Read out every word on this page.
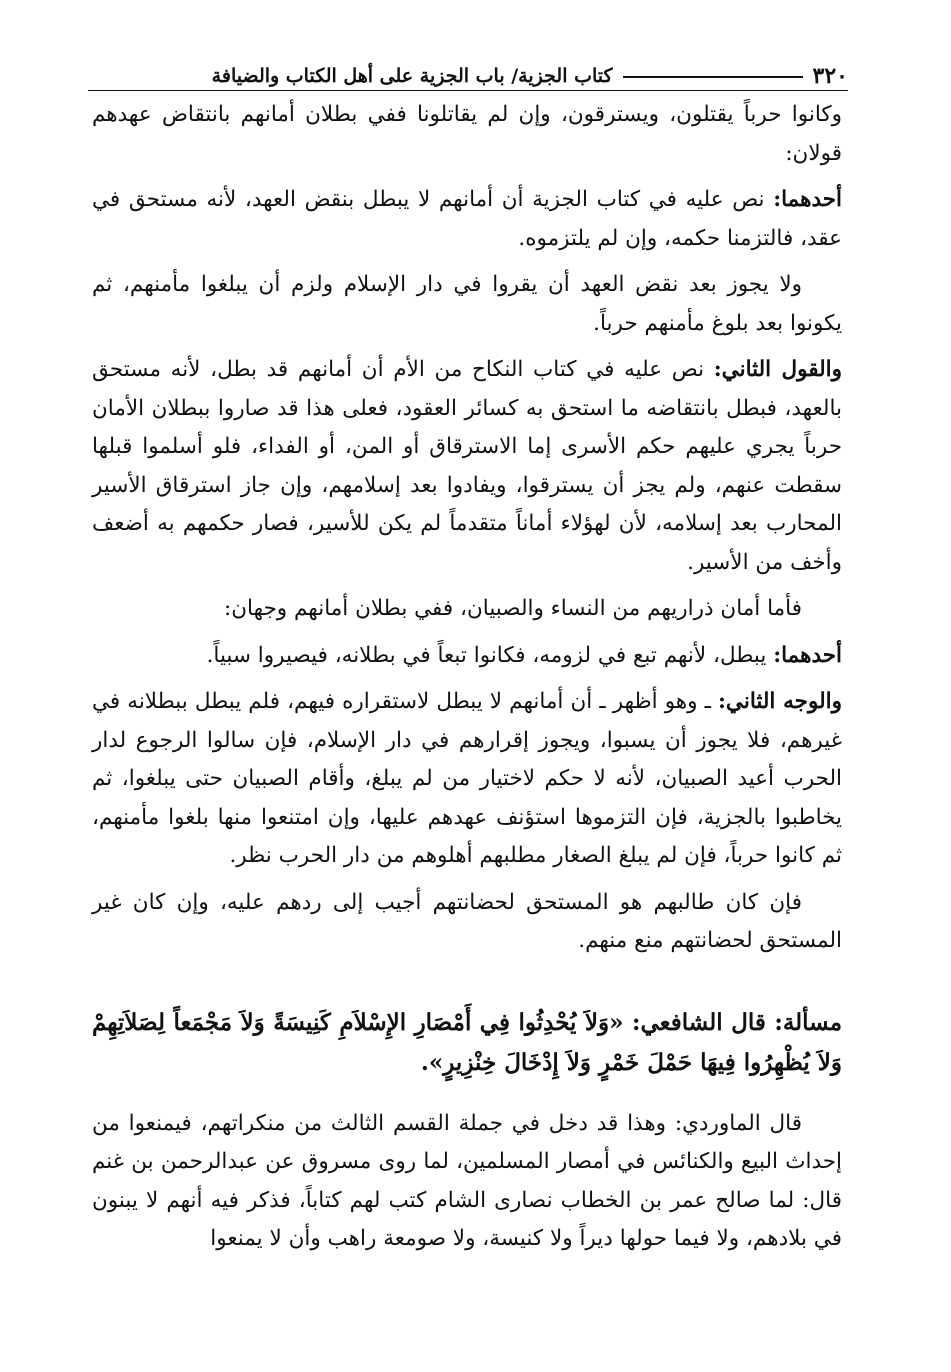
٣٢٠
كتاب الجزية/ باب الجزية على أهل الكتاب والضيافة

وكانوا حرباً يقتلون، ويسترقون، وإن لم يقاتلونا ففي بطلان أمانهم بانتقاض عهدهم قولان:

أحدهما: نص عليه في كتاب الجزية أن أمانهم لا يبطل بنقض العهد، لأنه مستحق في عقد، فالتزمنا حكمه، وإن لم يلتزموه.

ولا يجوز بعد نقض العهد أن يقروا في دار الإسلام ولزم أن يبلغوا مأمنهم، ثم يكونوا بعد بلوغ مأمنهم حرباً.

والقول الثاني: نص عليه في كتاب النكاح من الأم أن أمانهم قد بطل، لأنه مستحق بالعهد، فبطل بانتقاضه ما استحق به كسائر العقود، فعلى هذا قد صاروا ببطلان الأمان حرباً يجري عليهم حكم الأسرى إما الاسترقاق أو المن، أو الفداء، فلو أسلموا قبلها سقطت عنهم، ولم يجز أن يسترقوا، ويفادوا بعد إسلامهم، وإن جاز استرقاق الأسير المحارب بعد إسلامه، لأن لهؤلاء أماناً متقدماً لم يكن للأسير، فصار حكمهم به أضعف وأخف من الأسير.

فأما أمان ذراريهم من النساء والصبيان، ففي بطلان أمانهم وجهان:

أحدهما: يبطل، لأنهم تبع في لزومه، فكانوا تبعاً في بطلانه، فيصيروا سبياً.

والوجه الثاني: ـ وهو أظهر ـ أن أمانهم لا يبطل لاستقراره فيهم، فلم يبطل ببطلانه في غيرهم، فلا يجوز أن يسبوا، ويجوز إقرارهم في دار الإسلام، فإن سالوا الرجوع لدار الحرب أعيد الصبيان، لأنه لا حكم لاختيار من لم يبلغ، وأقام الصبيان حتى يبلغوا، ثم يخاطبوا بالجزية، فإن التزموها استؤنف عهدهم عليها، وإن امتنعوا منها بلغوا مأمنهم، ثم كانوا حرباً، فإن لم يبلغ الصغار مطلبهم أهلوهم من دار الحرب نظر.

فإن كان طالبهم هو المستحق لحضانتهم أجيب إلى ردهم عليه، وإن كان غير المستحق لحضانتهم منع منهم.

مسألة: قال الشافعي: «وَلاَ يُحْدِثُوا فِي أَمْصَارِ الإِسْلاَمِ كَنِيسَةً وَلاَ مَجْمَعاً لِصَلاَتِهِمْ وَلاَ يُظْهِرُوا فِيهَا حَمْلَ خَمْرٍ وَلاَ إِدْخَالَ خِنْزِيرٍ».

قال الماوردي: وهذا قد دخل في جملة القسم الثالث من منكراتهم، فيمنعوا من إحداث البيع والكنائس في أمصار المسلمين، لما روى مسروق عن عبدالرحمن بن غنم قال: لما صالح عمر بن الخطاب نصارى الشام كتب لهم كتاباً، فذكر فيه أنهم لا يبنون في بلادهم، ولا فيما حولها ديراً ولا كنيسة، ولا صومعة راهب وأن لا يمنعوا
